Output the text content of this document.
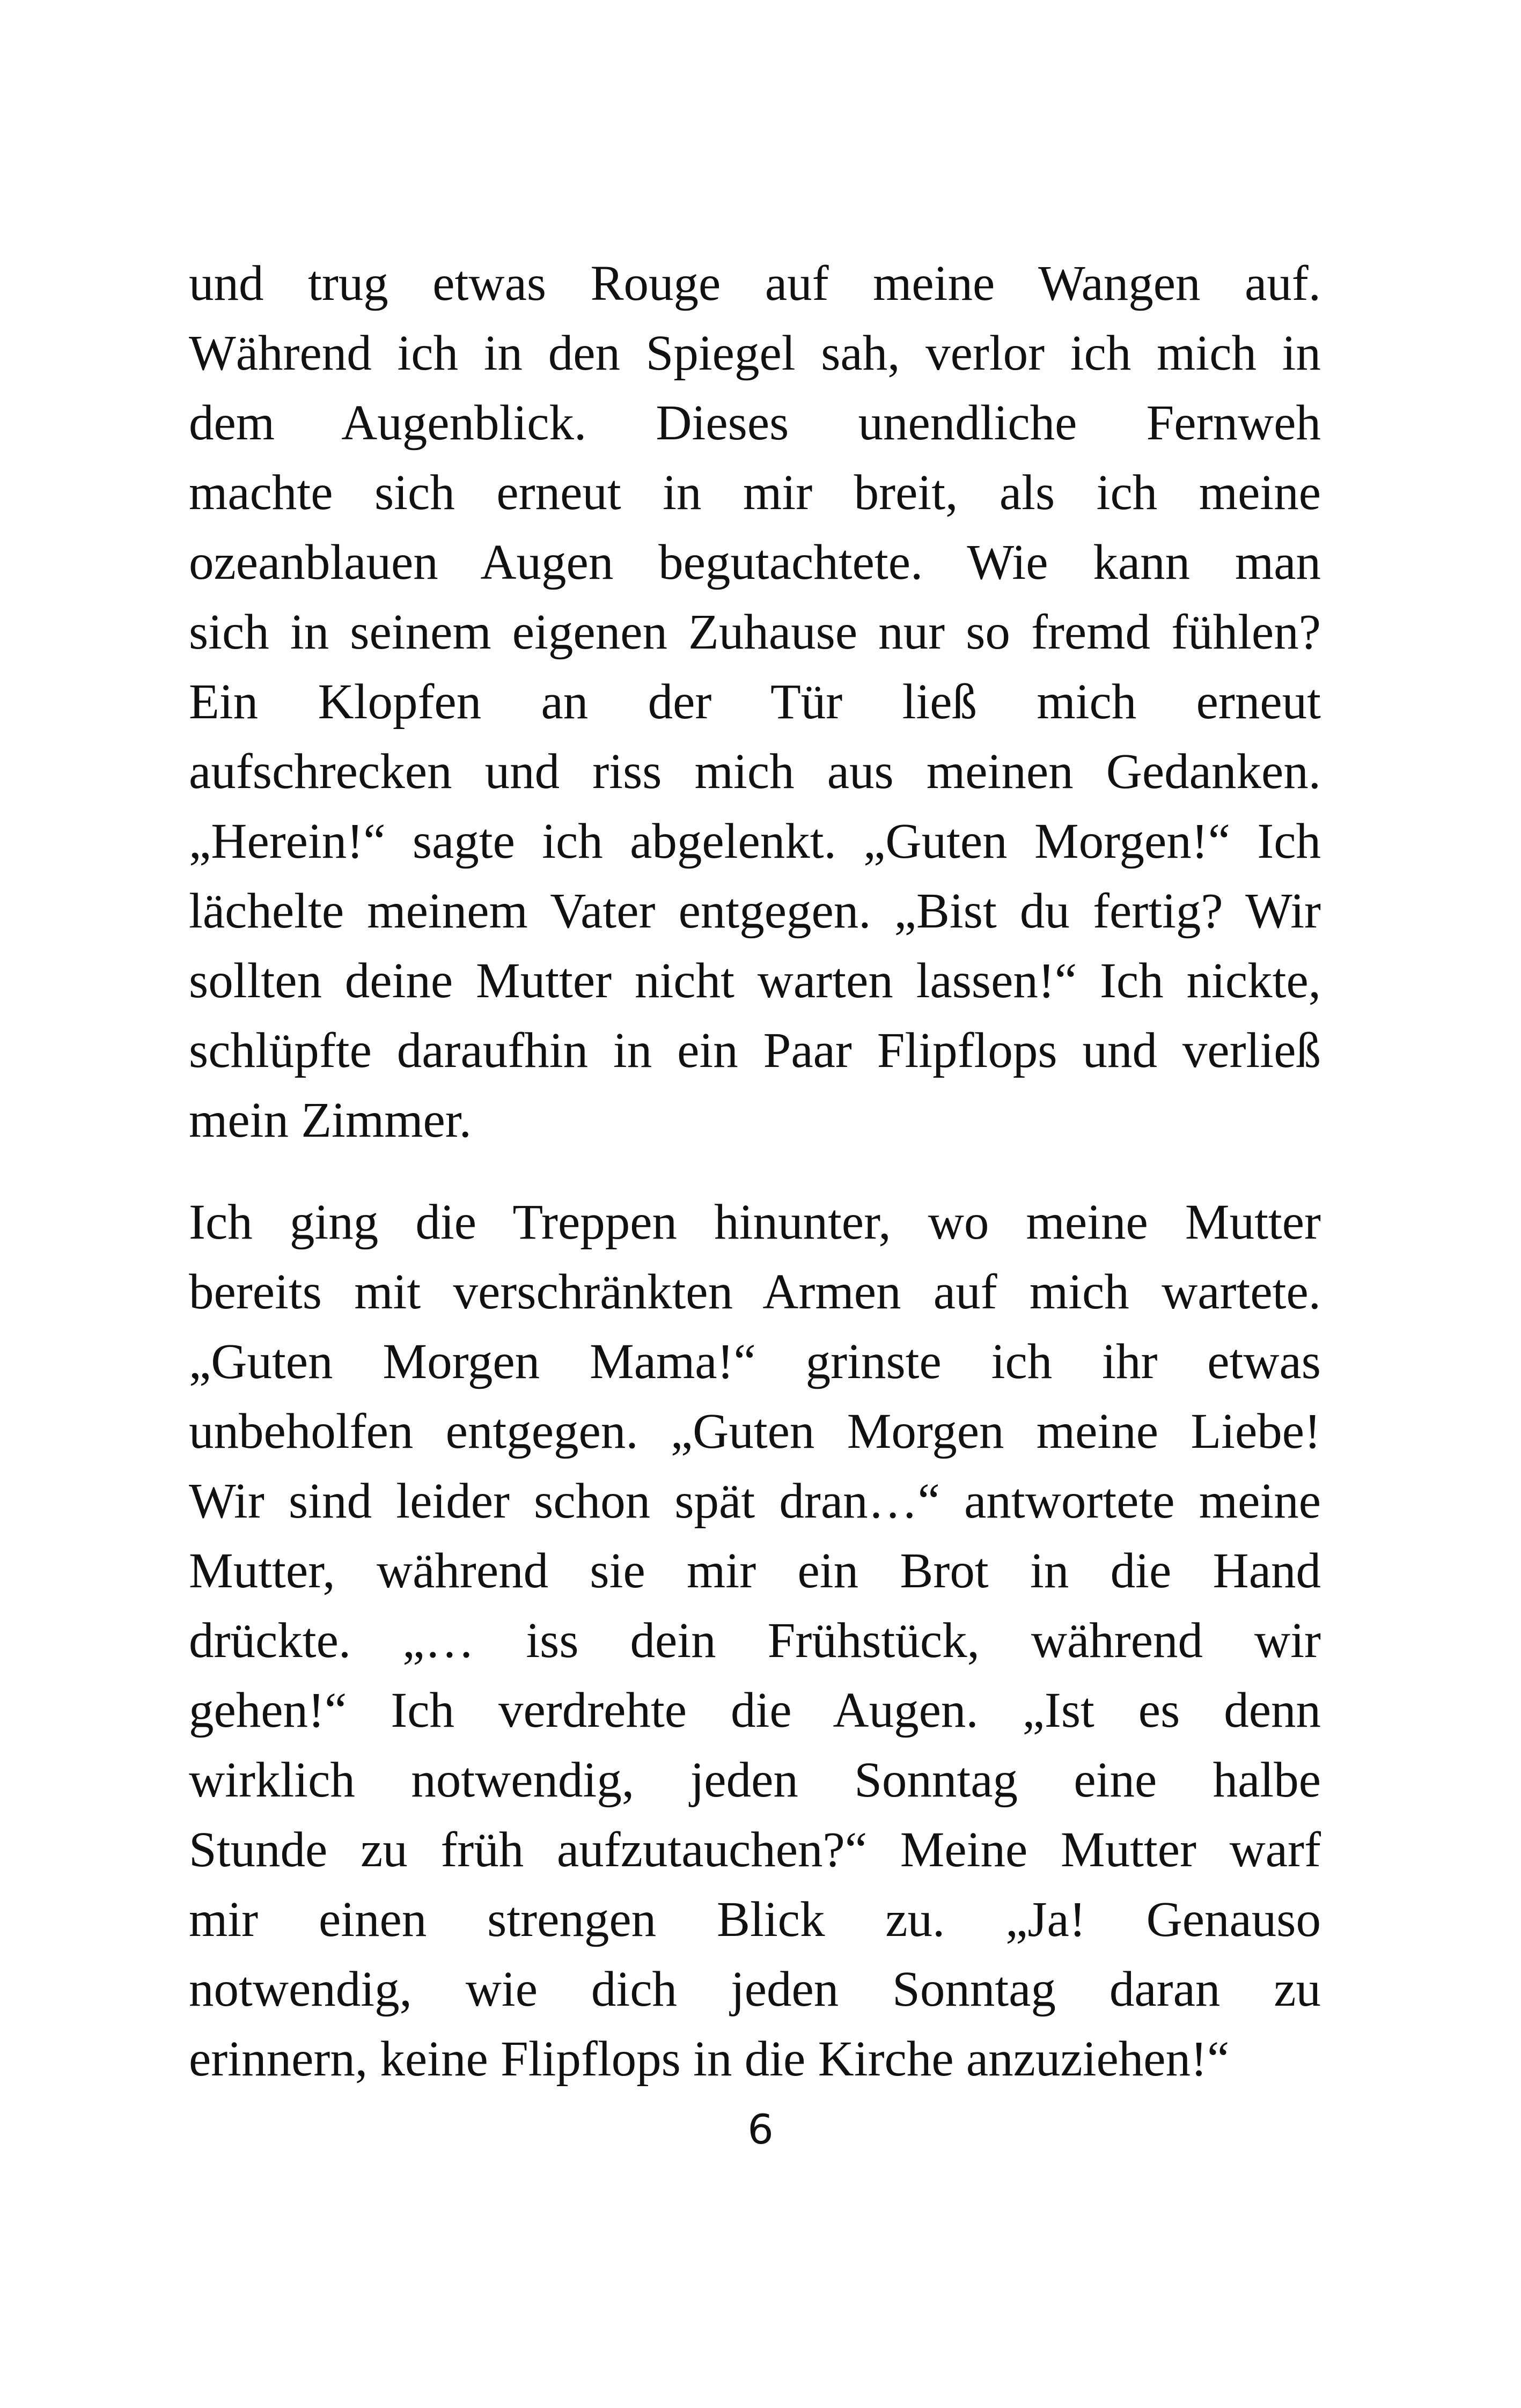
und trug etwas Rouge auf meine Wangen auf.
Während ich in den Spiegel sah, verlor ich mich in
dem Augenblick. Dieses unendliche Fernweh
machte sich erneut in mir breit, als ich meine
ozeanblauen Augen begutachtete. Wie kann man
sich in seinem eigenen Zuhause nur so fremd fühlen?
Ein Klopfen an der Tür ließ mich erneut
aufschrecken und riss mich aus meinen Gedanken.
„Herein!“ sagte ich abgelenkt. „Guten Morgen!“ Ich
lächelte meinem Vater entgegen. „Bist du fertig? Wir
sollten deine Mutter nicht warten lassen!“ Ich nickte,
schlüpfte daraufhin in ein Paar Flipflops und verließ
mein Zimmer.
Ich ging die Treppen hinunter, wo meine Mutter
bereits mit verschränkten Armen auf mich wartete.
„Guten Morgen Mama!“ grinste ich ihr etwas
unbeholfen entgegen. „Guten Morgen meine Liebe!
Wir sind leider schon spät dran…“ antwortete meine
Mutter, während sie mir ein Brot in die Hand
drückte. „… iss dein Frühstück, während wir
gehen!“ Ich verdrehte die Augen. „Ist es denn
wirklich notwendig, jeden Sonntag eine halbe
Stunde zu früh aufzutauchen?“ Meine Mutter warf
mir einen strengen Blick zu. „Ja! Genauso
notwendig, wie dich jeden Sonntag daran zu
erinnern, keine Flipflops in die Kirche anzuziehen!“
6
